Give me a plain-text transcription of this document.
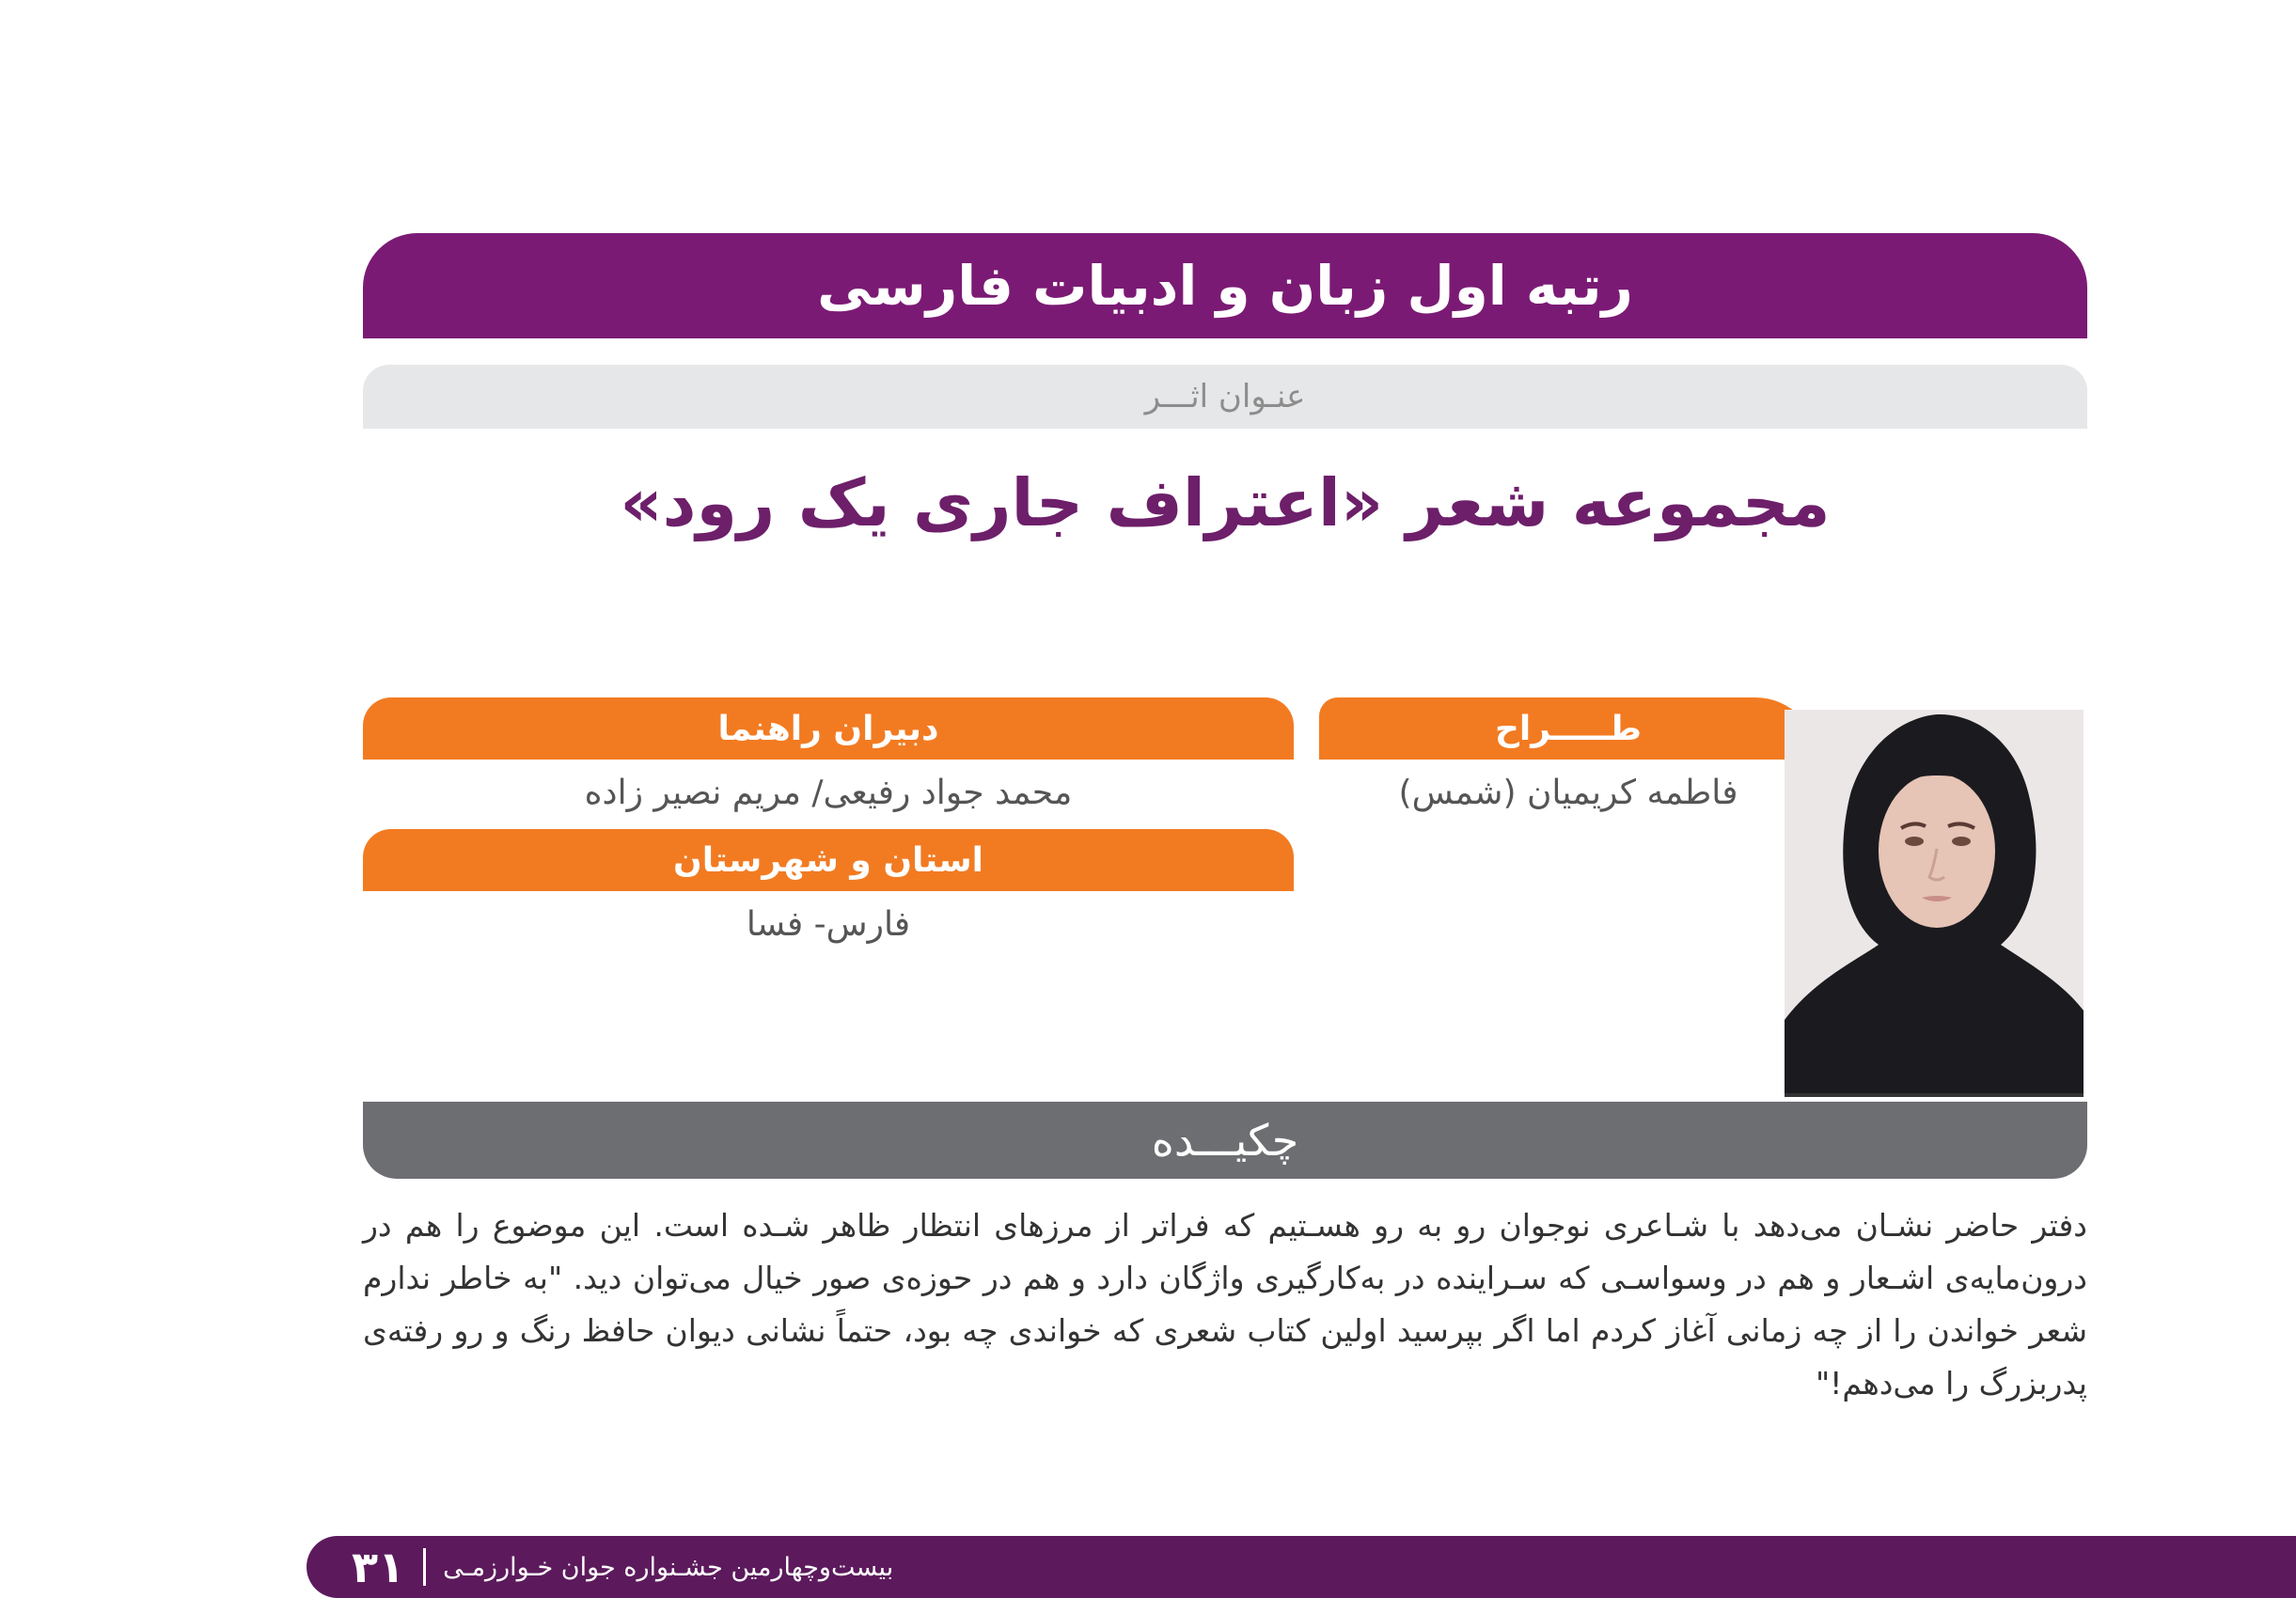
رتبه اول زبان و ادبیات فارسی
عنـوان اثـــر
مجموعه شعر «اعتراف جاری یک رود»
دبیران راهنما
محمد جواد رفیعی/ مریم نصیر زاده
استان و شهرستان
فارس- فسا
طـــــراح
فاطمه کریمیان (شمس)
چکیـــده
دفتر حاضر نشـان می‌دهد با شـاعری نوجوان رو به رو هسـتیم که فراتر از مرزهای انتظار ظاهر شـده است. این موضوع را هم در درون‌مایه‌ی اشـعار و هم در وسواسـی که سـراینده در به‌کارگیری واژگان دارد و هم در حوزه‌ی صور خیال می‌توان دید. "به خاطر ندارم شعر خواندن را از چه زمانی آغاز کردم اما اگر بپرسید اولین کتاب شعری که خواندی چه بود، حتماً نشانی دیوان حافظ رنگ و رو رفته‌ی پدربزرگ را می‌دهم!"
۳۱ بیست‌وچهارمین جشـنواره جوان خـوارزمـی
